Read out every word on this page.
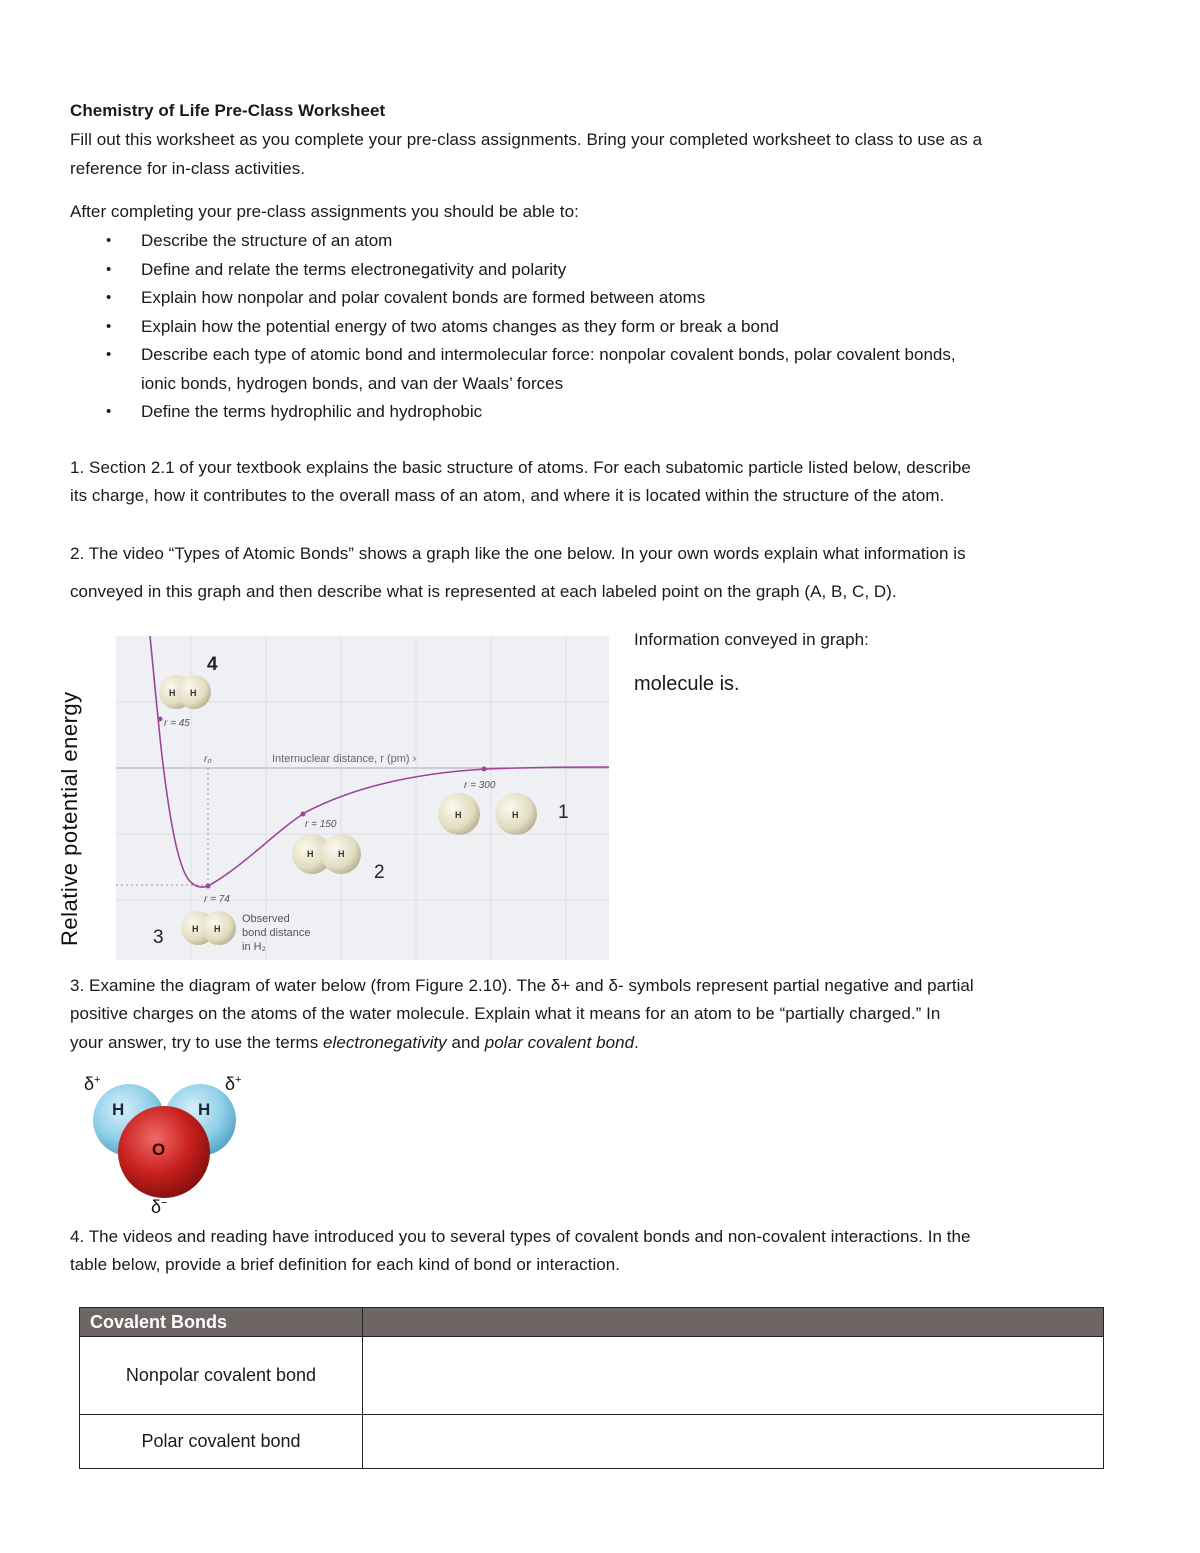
Chemistry of Life Pre-Class Worksheet
Fill out this worksheet as you complete your pre-class assignments. Bring your completed worksheet to class to use as a
reference for in-class activities.
After completing your pre-class assignments you should be able to:
• Describe the structure of an atom
• Define and relate the terms electronegativity and polarity
• Explain how nonpolar and polar covalent bonds are formed between atoms
• Explain how the potential energy of two atoms changes as they form or break a bond
• Describe each type of atomic bond and intermolecular force: nonpolar covalent bonds, polar covalent bonds,
ionic bonds, hydrogen bonds, and van der Waals’ forces
• Define the terms hydrophilic and hydrophobic
1. Section 2.1 of your textbook explains the basic structure of atoms. For each subatomic particle listed below, describe
its charge, how it contributes to the overall mass of an atom, and where it is located within the structure of the atom.
2. The video “Types of Atomic Bonds” shows a graph like the one below. In your own words explain what information is
conveyed in this graph and then describe what is represented at each labeled point on the graph (A, B, C, D).
Information conveyed in graph:
molecule is.
Relative potential energy	r = 45
r = 74
r = 150
r = 300
r₀	Internuclear distance, r (pm) ›
H H
4
H H
3
Observed
bond distance
in H₂
H	H
2
H	H 1
3. Examine the diagram of water below (from Figure 2.10). The δ+ and δ- symbols represent partial negative and partial
positive charges on the atoms of the water molecule. Explain what it means for an atom to be “partially charged.” In
your answer, try to use the terms electronegativity and polar covalent bond.
H	H
O
δ+	δ+
δ−
4. The videos and reading have introduced you to several types of covalent bonds and non-covalent interactions. In the
table below, provide a brief definition for each kind of bond or interaction.
Covalent Bonds	
Nonpolar covalent bond	
Polar covalent bond	
